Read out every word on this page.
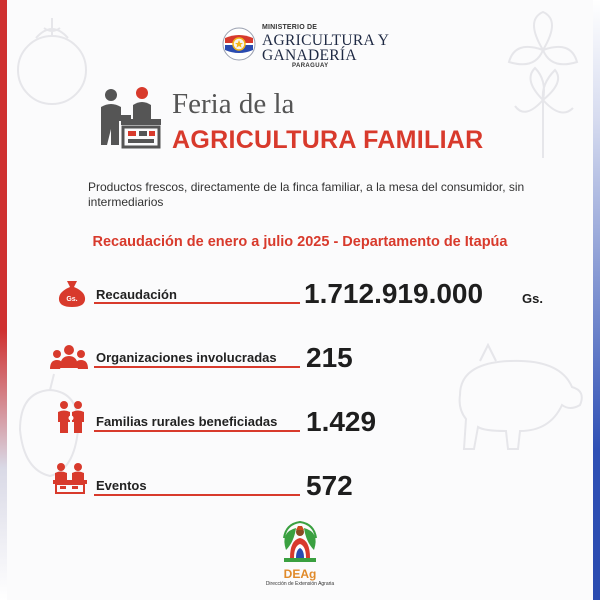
MINISTERIO DE
AGRICULTURA Y
GANADERÍA
PARAGUAY
Feria de la
AGRICULTURA FAMILIAR
Productos frescos, directamente de la finca familiar, a la mesa del consumidor, sin intermediarios
Recaudación de enero a julio 2025 - Departamento de Itapúa
Gs. Recaudación	1.712.919.000	Gs.
Organizaciones involucradas 215
Familias rurales beneficiadas 1.429
Eventos	572
DEAg
Dirección de Extensión Agraria
